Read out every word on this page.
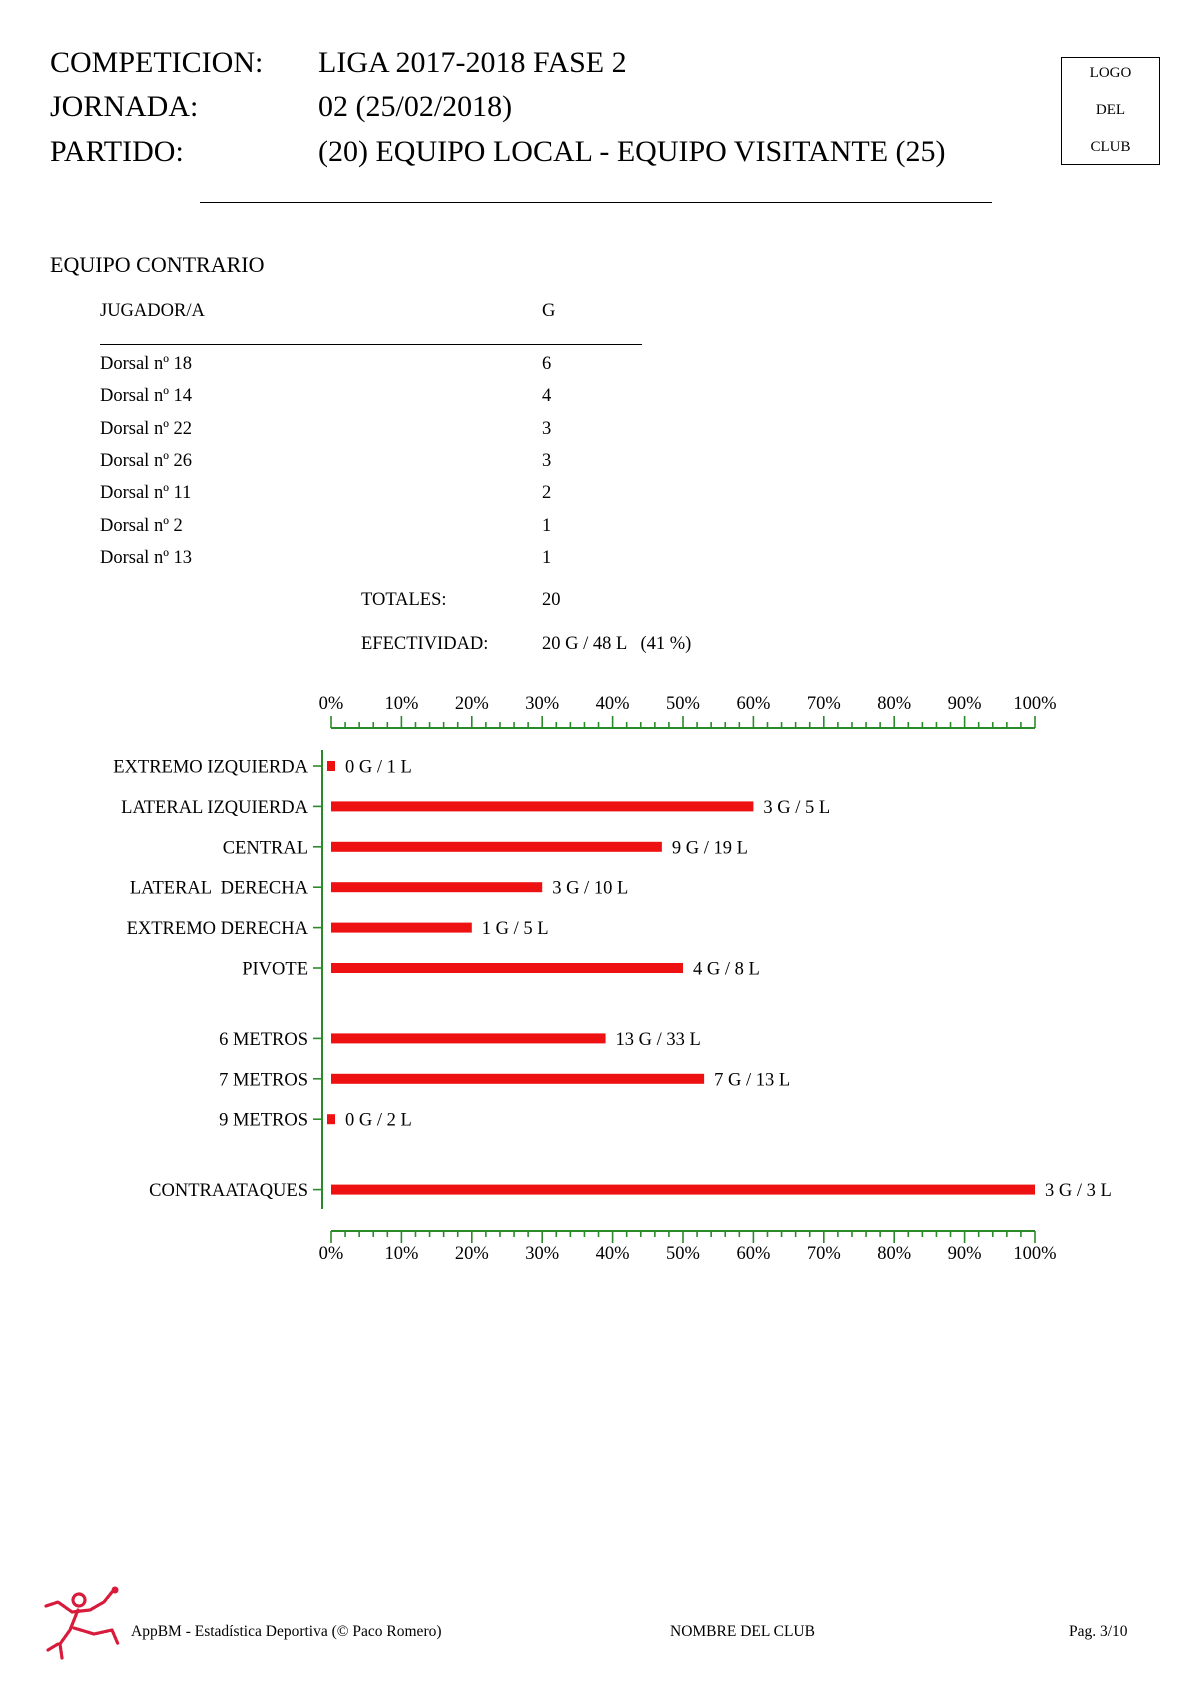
COMPETICION: LIGA 2017-2018 FASE 2
JORNADA:	02 (25/02/2018)
PARTIDO:	(20) EQUIPO LOCAL - EQUIPO VISITANTE (25)
LOGO
DEL
CLUB
EQUIPO CONTRARIO
JUGADOR/A	G
Dorsal nº 18	6
Dorsal nº 14	4
Dorsal nº 22	3
Dorsal nº 26	3
Dorsal nº 11	2
Dorsal nº 2	1
Dorsal nº 13	1
TOTALES:	20
EFECTIVIDAD:	20 G / 48 L   (41 %)
0% 10% 20% 30% 40% 50% 60% 70% 80% 90% 100%
0% 10% 20% 30% 40% 50% 60% 70% 80% 90% 100%
EXTREMO IZQUIERDA 0 G / 1 L
LATERAL IZQUIERDA	3 G / 5 L
CENTRAL	9 G / 19 L
LATERAL  DERECHA	3 G / 10 L
EXTREMO DERECHA	1 G / 5 L
PIVOTE	4 G / 8 L
6 METROS	13 G / 33 L
7 METROS	7 G / 13 L
9 METROS 0 G / 2 L
CONTRAATAQUES	3 G / 3 L
AppBM - Estadística Deportiva (© Paco Romero)	NOMBRE DEL CLUB	Pag. 3/10
